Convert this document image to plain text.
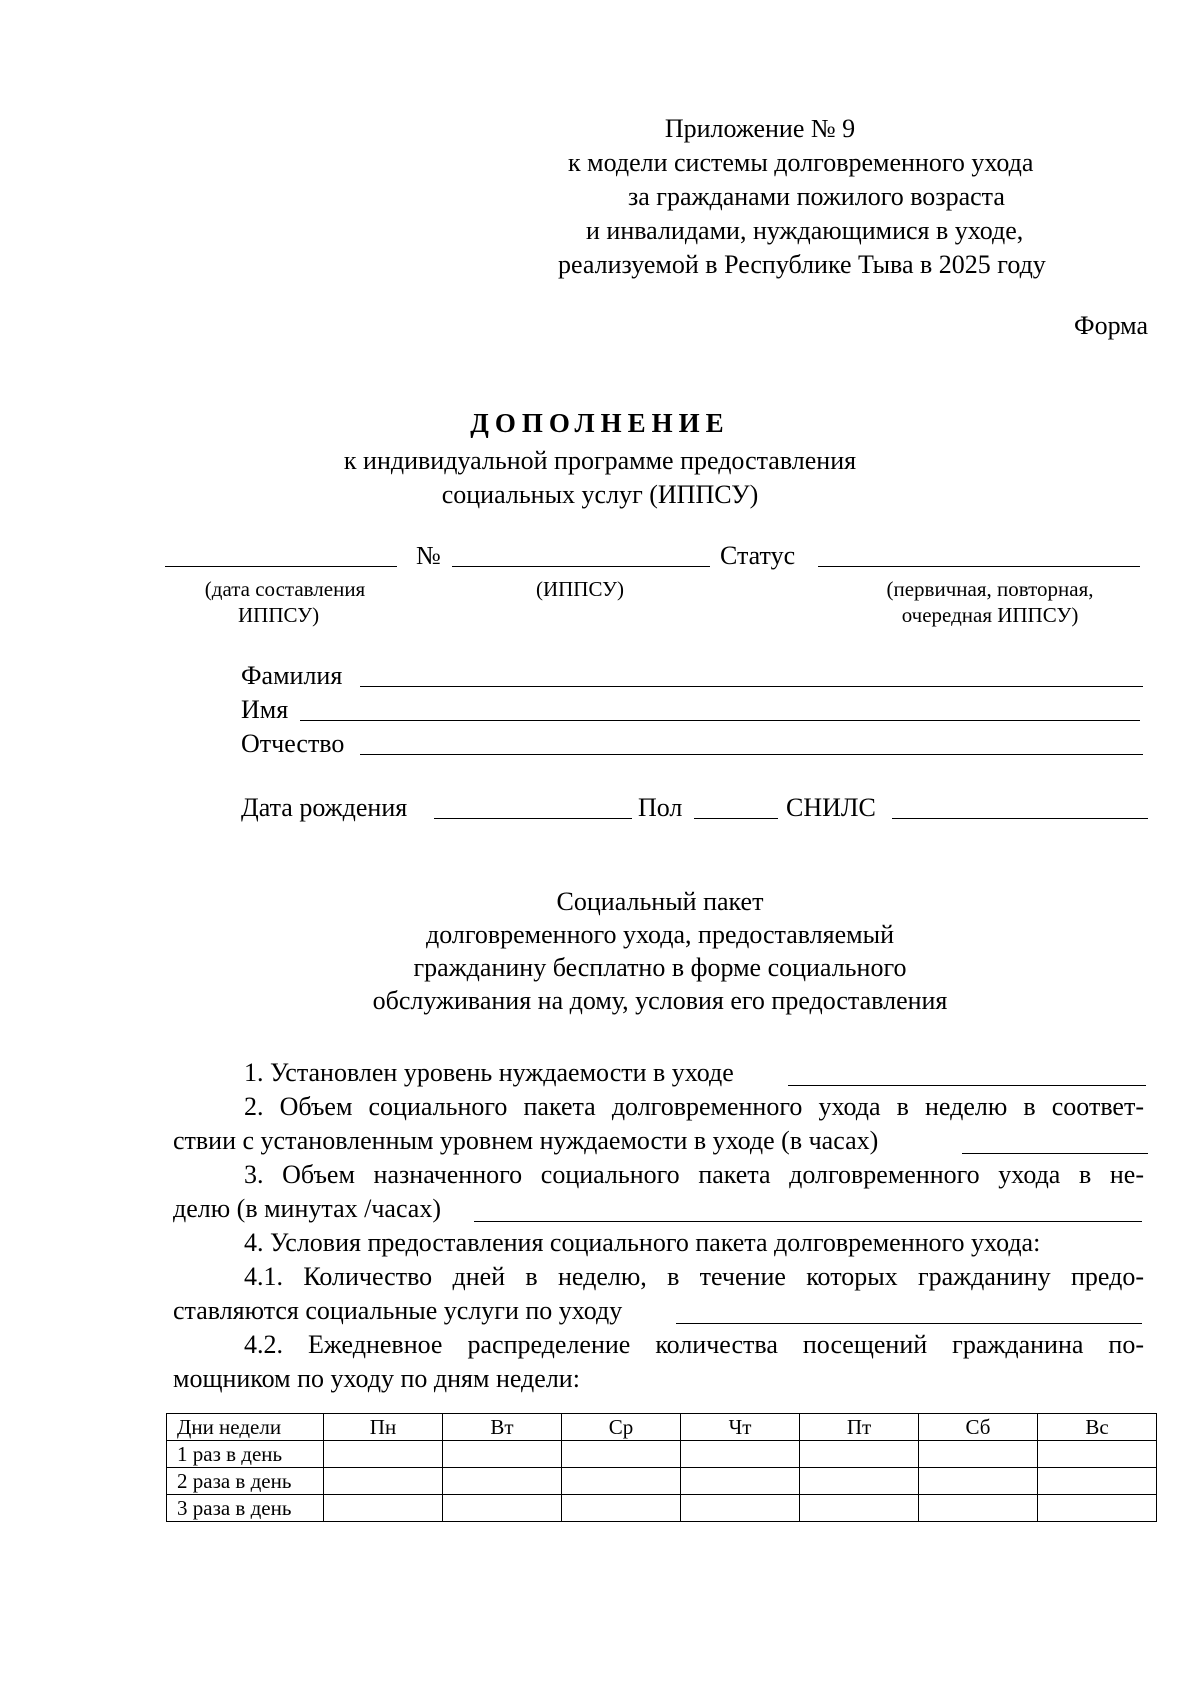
Приложение № 9
к модели системы долговременного ухода
за гражданами пожилого возраста
и инвалидами, нуждающимися в уходе,
реализуемой в Республике Тыва в 2025 году
Форма
ДОПОЛНЕНИЕ
к индивидуальной программе предоставления
социальных услуг (ИППСУ)
№	Статус
(дата составления
ИППСУ)
(ИППСУ)	(первичная, повторная,
очередная ИППСУ)
Фамилия
Имя
Отчество
Дата рождения	Пол	СНИЛС
Социальный пакет
долговременного ухода, предоставляемый
гражданину бесплатно в форме социального
обслуживания на дому, условия его предоставления
1. Установлен уровень нуждаемости в уходе
2. Объем социального пакета долговременного ухода в неделю в соответ-
ствии с установленным уровнем нуждаемости в уходе (в часах)
3. Объем назначенного социального пакета долговременного ухода в не-
делю (в минутах /часах)
4. Условия предоставления социального пакета долговременного ухода:
4.1. Количество дней в неделю, в течение которых гражданину предо-
ставляются социальные услуги по уходу
4.2. Ежедневное распределение количества посещений гражданина по-
мощником по уходу по дням недели:
Дни недели	Пн	Вт	Ср	Чт	Пт	Сб	Вс
1 раз в день							
2 раза в день							
3 раза в день							
